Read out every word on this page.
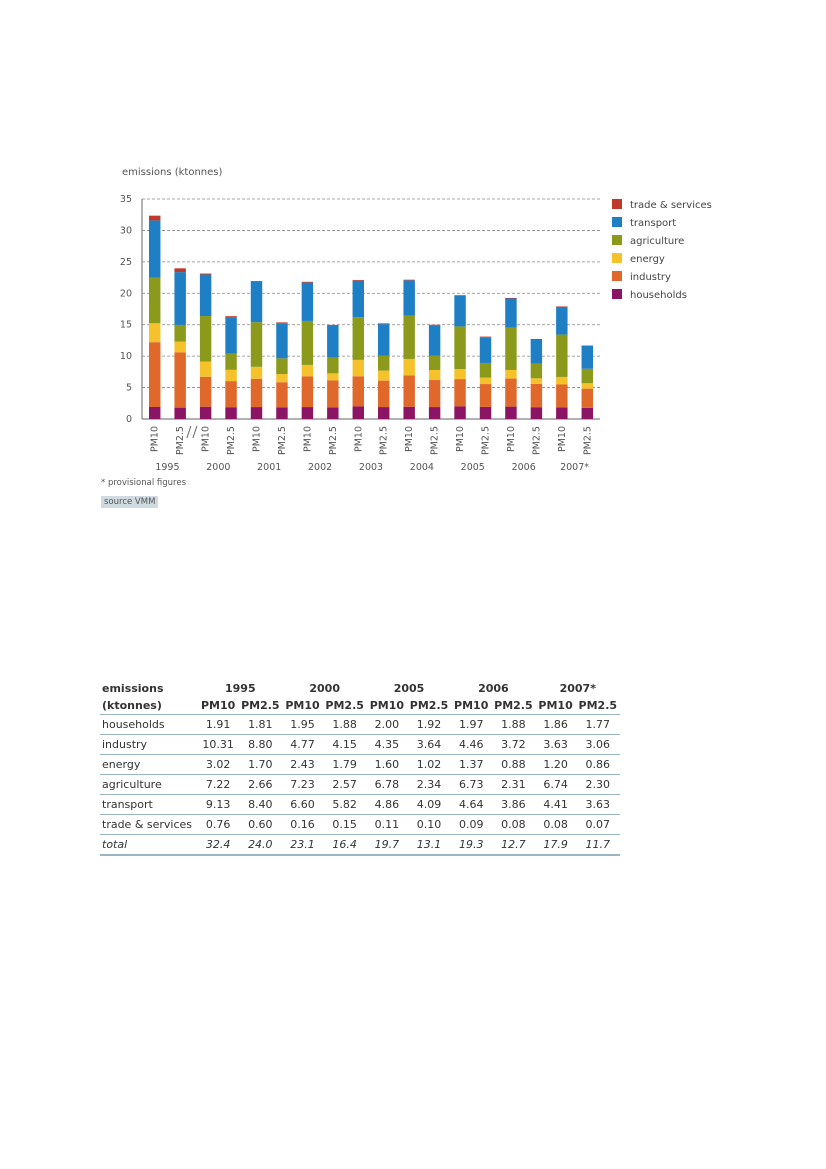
emissions (ktonnes)
0
5
10
15
20
25
30
35
PM10 PM2.5 PM10 PM2.5 PM10 PM2.5 PM10 PM2.5 PM10 PM2.5 PM10 PM2.5 PM10 PM2.5 PM10 PM2.5 PM10 PM2.5
1995	2000	2001	2002	2003	2004	2005	2006	2007*
trade & services
transport
agriculture
energy
industry
households
* provisional figures
source VMM
emissions	1995		2000		2005		2006		2007*	
(ktonnes)	PM10	PM2.5	PM10	PM2.5	PM10	PM2.5	PM10	PM2.5	PM10	PM2.5
households	1.91	1.81	1.95	1.88	2.00	1.92	1.97	1.88	1.86	1.77
industry	10.31	8.80	4.77	4.15	4.35	3.64	4.46	3.72	3.63	3.06
energy	3.02	1.70	2.43	1.79	1.60	1.02	1.37	0.88	1.20	0.86
agriculture	7.22	2.66	7.23	2.57	6.78	2.34	6.73	2.31	6.74	2.30
transport	9.13	8.40	6.60	5.82	4.86	4.09	4.64	3.86	4.41	3.63
trade & services	0.76	0.60	0.16	0.15	0.11	0.10	0.09	0.08	0.08	0.07
total	32.4	24.0	23.1	16.4	19.7	13.1	19.3	12.7	17.9	11.7
